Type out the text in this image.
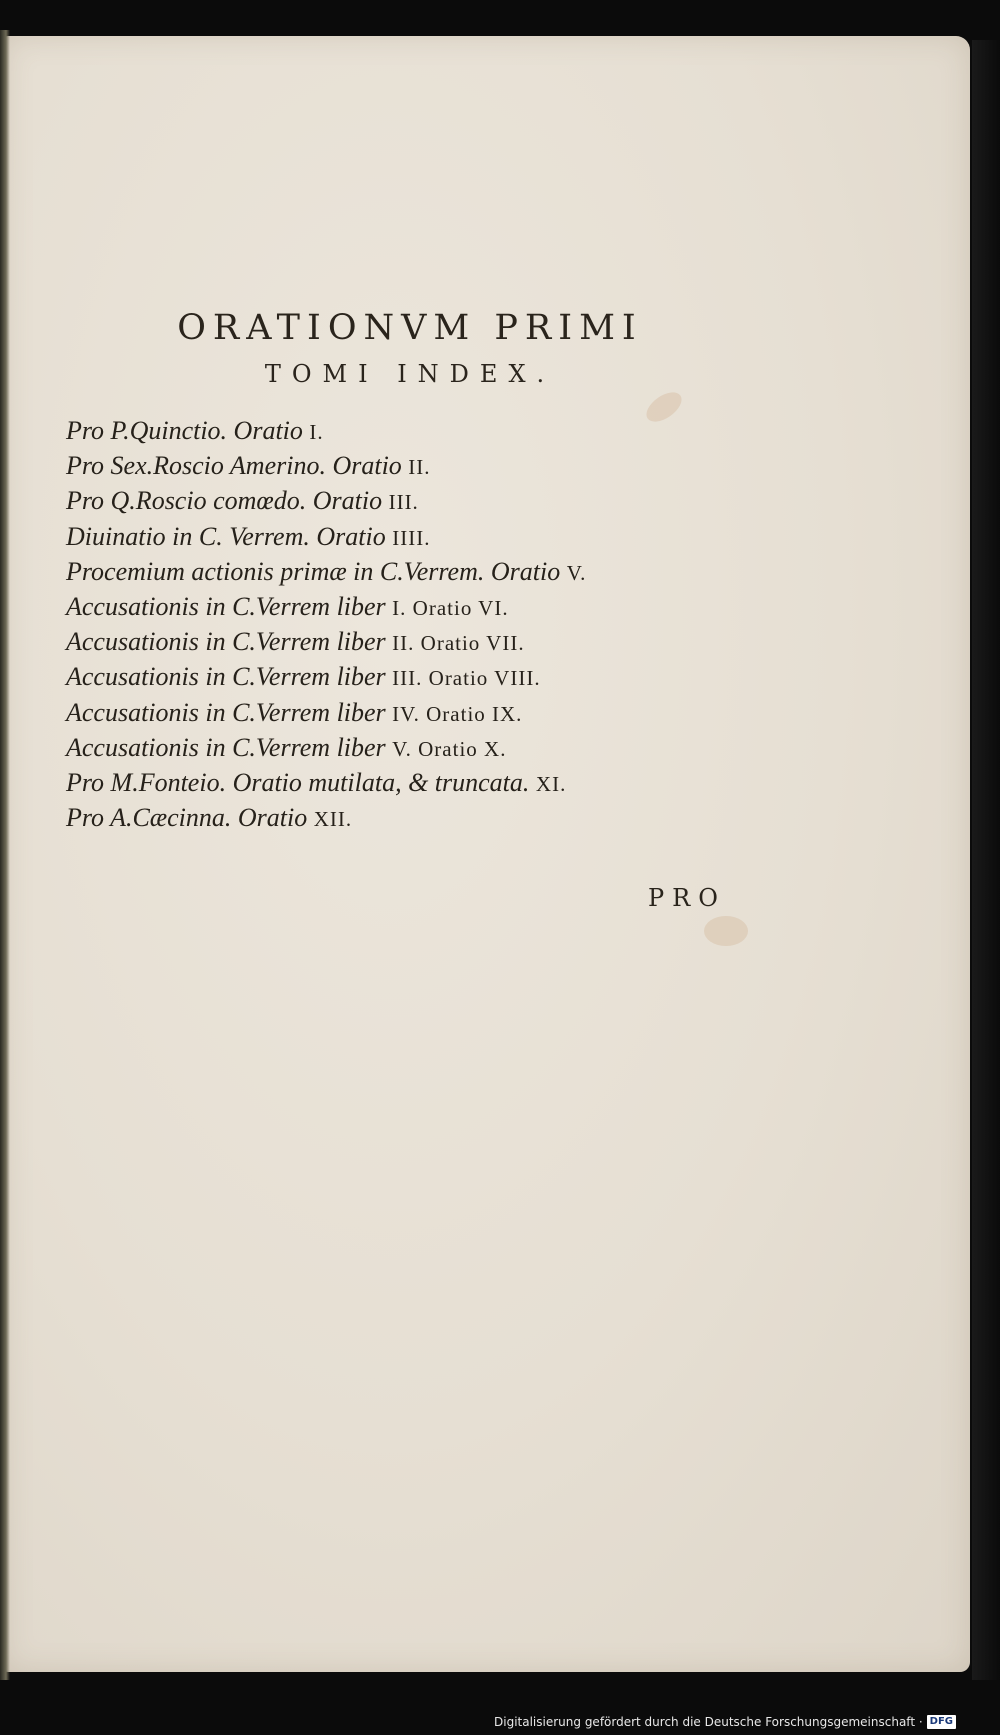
ORATIONVM PRIMI
TOMI INDEX.
Pro P.Quinctio. Oratio I.
Pro Sex.Roscio Amerino. Oratio II.
Pro Q.Roscio comœdo. Oratio III.
Diuinatio in C. Verrem. Oratio IIII.
Procemium actionis primæ in C.Verrem. Oratio V.
Accusationis in C.Verrem liber I. Oratio VI.
Accusationis in C.Verrem liber II. Oratio VII.
Accusationis in C.Verrem liber III. Oratio VIII.
Accusationis in C.Verrem liber IV. Oratio IX.
Accusationis in C.Verrem liber V. Oratio X.
Pro M.Fonteio. Oratio mutilata, & truncata. XI.
Pro A.Cæcinna. Oratio XII.
PRO
Digitalisierung gefördert durch die Deutsche Forschungsgemeinschaft · DFG
